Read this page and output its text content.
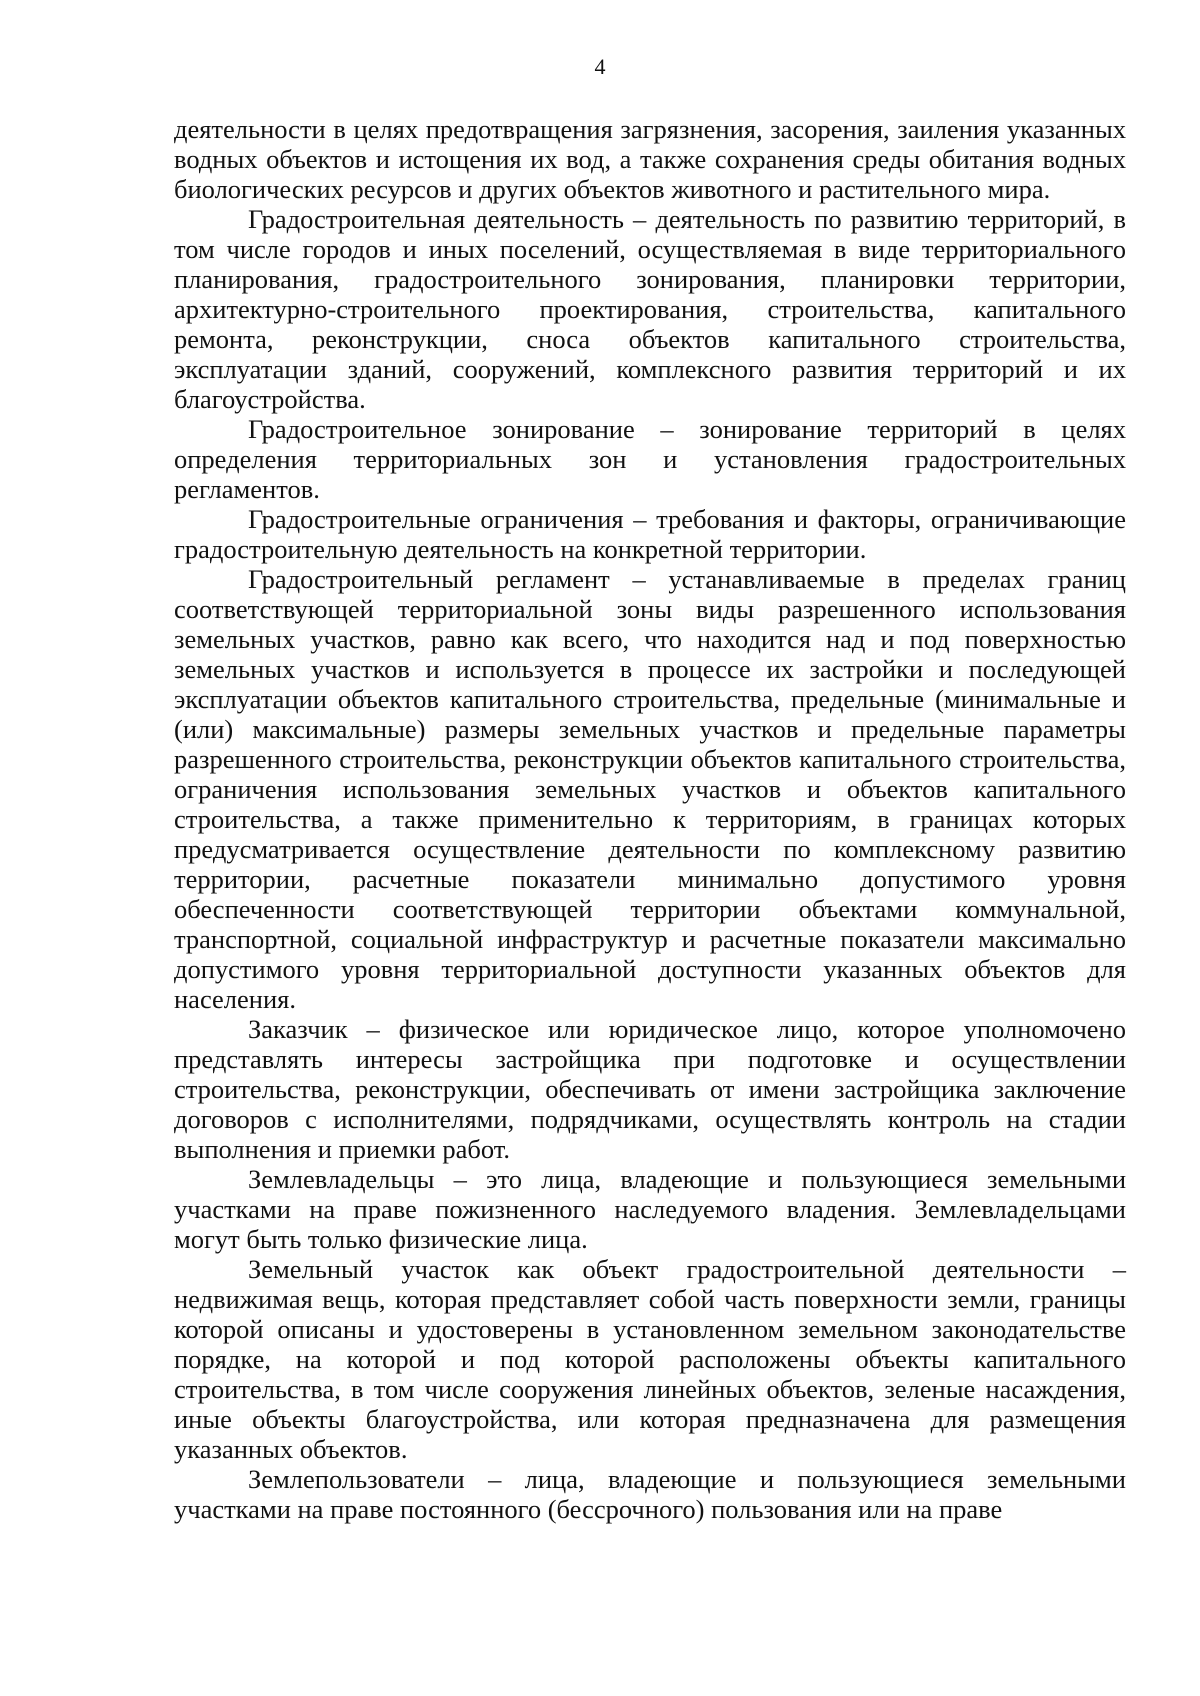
4

деятельности в целях предотвращения загрязнения, засорения, заиления указанных водных объектов и истощения их вод, а также сохранения среды обитания водных биологических ресурсов и других объектов животного и растительного мира.

Градостроительная деятельность – деятельность по развитию территорий, в том числе городов и иных поселений, осуществляемая в виде территориального планирования, градостроительного зонирования, планировки территории, архитектурно-строительного проектирования, строительства, капитального ремонта, реконструкции, сноса объектов капитального строительства, эксплуатации зданий, сооружений, комплексного развития территорий и их благоустройства.

Градостроительное зонирование – зонирование территорий в целях определения территориальных зон и установления градостроительных регламентов.

Градостроительные ограничения – требования и факторы, ограничивающие градостроительную деятельность на конкретной территории.

Градостроительный регламент – устанавливаемые в пределах границ соответствующей территориальной зоны виды разрешенного использования земельных участков, равно как всего, что находится над и под поверхностью земельных участков и используется в процессе их застройки и последующей эксплуатации объектов капитального строительства, предельные (минимальные и (или) максимальные) размеры земельных участков и предельные параметры разрешенного строительства, реконструкции объектов капитального строительства, ограничения использования земельных участков и объектов капитального строительства, а также применительно к территориям, в границах которых предусматривается осуществление деятельности по комплексному развитию территории, расчетные показатели минимально допустимого уровня обеспеченности соответствующей территории объектами коммунальной, транспортной, социальной инфраструктур и расчетные показатели максимально допустимого уровня территориальной доступности указанных объектов для населения.

Заказчик – физическое или юридическое лицо, которое уполномочено представлять интересы застройщика при подготовке и осуществлении строительства, реконструкции, обеспечивать от имени застройщика заключение договоров с исполнителями, подрядчиками, осуществлять контроль на стадии выполнения и приемки работ.

Землевладельцы – это лица, владеющие и пользующиеся земельными участками на праве пожизненного наследуемого владения. Землевладельцами могут быть только физические лица.

Земельный участок как объект градостроительной деятельности – недвижимая вещь, которая представляет собой часть поверхности земли, границы которой описаны и удостоверены в установленном земельном законодательстве порядке, на которой и под которой расположены объекты капитального строительства, в том числе сооружения линейных объектов, зеленые насаждения, иные объекты благоустройства, или которая предназначена для размещения указанных объектов.

Землепользователи – лица, владеющие и пользующиеся земельными участками на праве постоянного (бессрочного) пользования или на праве
